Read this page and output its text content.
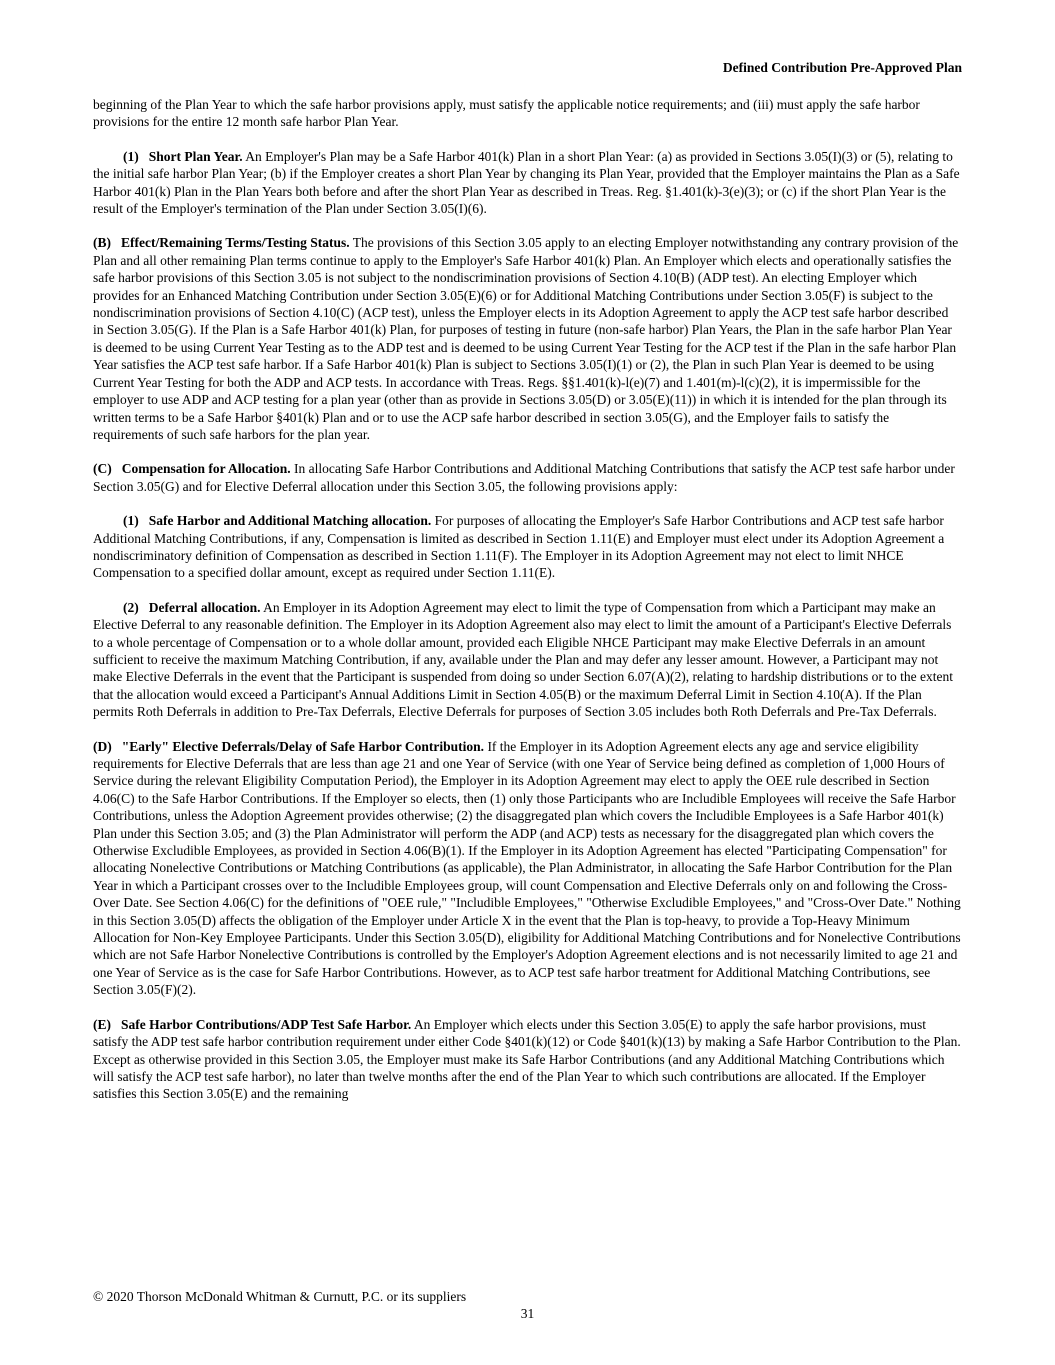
Defined Contribution Pre-Approved Plan

beginning of the Plan Year to which the safe harbor provisions apply, must satisfy the applicable notice requirements; and (iii) must apply the safe harbor provisions for the entire 12 month safe harbor Plan Year.

(1) Short Plan Year. An Employer's Plan may be a Safe Harbor 401(k) Plan in a short Plan Year: (a) as provided in Sections 3.05(I)(3) or (5), relating to the initial safe harbor Plan Year; (b) if the Employer creates a short Plan Year by changing its Plan Year, provided that the Employer maintains the Plan as a Safe Harbor 401(k) Plan in the Plan Years both before and after the short Plan Year as described in Treas. Reg. §1.401(k)-3(e)(3); or (c) if the short Plan Year is the result of the Employer's termination of the Plan under Section 3.05(I)(6).

(B) Effect/Remaining Terms/Testing Status. The provisions of this Section 3.05 apply to an electing Employer notwithstanding any contrary provision of the Plan and all other remaining Plan terms continue to apply to the Employer's Safe Harbor 401(k) Plan. An Employer which elects and operationally satisfies the safe harbor provisions of this Section 3.05 is not subject to the nondiscrimination provisions of Section 4.10(B) (ADP test). An electing Employer which provides for an Enhanced Matching Contribution under Section 3.05(E)(6) or for Additional Matching Contributions under Section 3.05(F) is subject to the nondiscrimination provisions of Section 4.10(C) (ACP test), unless the Employer elects in its Adoption Agreement to apply the ACP test safe harbor described in Section 3.05(G). If the Plan is a Safe Harbor 401(k) Plan, for purposes of testing in future (non-safe harbor) Plan Years, the Plan in the safe harbor Plan Year is deemed to be using Current Year Testing as to the ADP test and is deemed to be using Current Year Testing for the ACP test if the Plan in the safe harbor Plan Year satisfies the ACP test safe harbor. If a Safe Harbor 401(k) Plan is subject to Sections 3.05(I)(1) or (2), the Plan in such Plan Year is deemed to be using Current Year Testing for both the ADP and ACP tests. In accordance with Treas. Regs. §§1.401(k)-l(e)(7) and 1.401(m)-l(c)(2), it is impermissible for the employer to use ADP and ACP testing for a plan year (other than as provide in Sections 3.05(D) or 3.05(E)(11)) in which it is intended for the plan through its written terms to be a Safe Harbor §401(k) Plan and or to use the ACP safe harbor described in section 3.05(G), and the Employer fails to satisfy the requirements of such safe harbors for the plan year.

(C) Compensation for Allocation. In allocating Safe Harbor Contributions and Additional Matching Contributions that satisfy the ACP test safe harbor under Section 3.05(G) and for Elective Deferral allocation under this Section 3.05, the following provisions apply:

(1) Safe Harbor and Additional Matching allocation. For purposes of allocating the Employer's Safe Harbor Contributions and ACP test safe harbor Additional Matching Contributions, if any, Compensation is limited as described in Section 1.11(E) and Employer must elect under its Adoption Agreement a nondiscriminatory definition of Compensation as described in Section 1.11(F). The Employer in its Adoption Agreement may not elect to limit NHCE Compensation to a specified dollar amount, except as required under Section 1.11(E).

(2) Deferral allocation. An Employer in its Adoption Agreement may elect to limit the type of Compensation from which a Participant may make an Elective Deferral to any reasonable definition. The Employer in its Adoption Agreement also may elect to limit the amount of a Participant's Elective Deferrals to a whole percentage of Compensation or to a whole dollar amount, provided each Eligible NHCE Participant may make Elective Deferrals in an amount sufficient to receive the maximum Matching Contribution, if any, available under the Plan and may defer any lesser amount. However, a Participant may not make Elective Deferrals in the event that the Participant is suspended from doing so under Section 6.07(A)(2), relating to hardship distributions or to the extent that the allocation would exceed a Participant's Annual Additions Limit in Section 4.05(B) or the maximum Deferral Limit in Section 4.10(A). If the Plan permits Roth Deferrals in addition to Pre-Tax Deferrals, Elective Deferrals for purposes of Section 3.05 includes both Roth Deferrals and Pre-Tax Deferrals.

(D) "Early" Elective Deferrals/Delay of Safe Harbor Contribution. If the Employer in its Adoption Agreement elects any age and service eligibility requirements for Elective Deferrals that are less than age 21 and one Year of Service (with one Year of Service being defined as completion of 1,000 Hours of Service during the relevant Eligibility Computation Period), the Employer in its Adoption Agreement may elect to apply the OEE rule described in Section 4.06(C) to the Safe Harbor Contributions. If the Employer so elects, then (1) only those Participants who are Includible Employees will receive the Safe Harbor Contributions, unless the Adoption Agreement provides otherwise; (2) the disaggregated plan which covers the Includible Employees is a Safe Harbor 401(k) Plan under this Section 3.05; and (3) the Plan Administrator will perform the ADP (and ACP) tests as necessary for the disaggregated plan which covers the Otherwise Excludible Employees, as provided in Section 4.06(B)(1). If the Employer in its Adoption Agreement has elected "Participating Compensation" for allocating Nonelective Contributions or Matching Contributions (as applicable), the Plan Administrator, in allocating the Safe Harbor Contribution for the Plan Year in which a Participant crosses over to the Includible Employees group, will count Compensation and Elective Deferrals only on and following the Cross-Over Date. See Section 4.06(C) for the definitions of "OEE rule," "Includible Employees," "Otherwise Excludible Employees," and "Cross-Over Date." Nothing in this Section 3.05(D) affects the obligation of the Employer under Article X in the event that the Plan is top-heavy, to provide a Top-Heavy Minimum Allocation for Non-Key Employee Participants. Under this Section 3.05(D), eligibility for Additional Matching Contributions and for Nonelective Contributions which are not Safe Harbor Nonelective Contributions is controlled by the Employer's Adoption Agreement elections and is not necessarily limited to age 21 and one Year of Service as is the case for Safe Harbor Contributions. However, as to ACP test safe harbor treatment for Additional Matching Contributions, see Section 3.05(F)(2).

(E) Safe Harbor Contributions/ADP Test Safe Harbor. An Employer which elects under this Section 3.05(E) to apply the safe harbor provisions, must satisfy the ADP test safe harbor contribution requirement under either Code §401(k)(12) or Code §401(k)(13) by making a Safe Harbor Contribution to the Plan. Except as otherwise provided in this Section 3.05, the Employer must make its Safe Harbor Contributions (and any Additional Matching Contributions which will satisfy the ACP test safe harbor), no later than twelve months after the end of the Plan Year to which such contributions are allocated. If the Employer satisfies this Section 3.05(E) and the remaining

© 2020 Thorson McDonald Whitman & Curnutt, P.C. or its suppliers
31
